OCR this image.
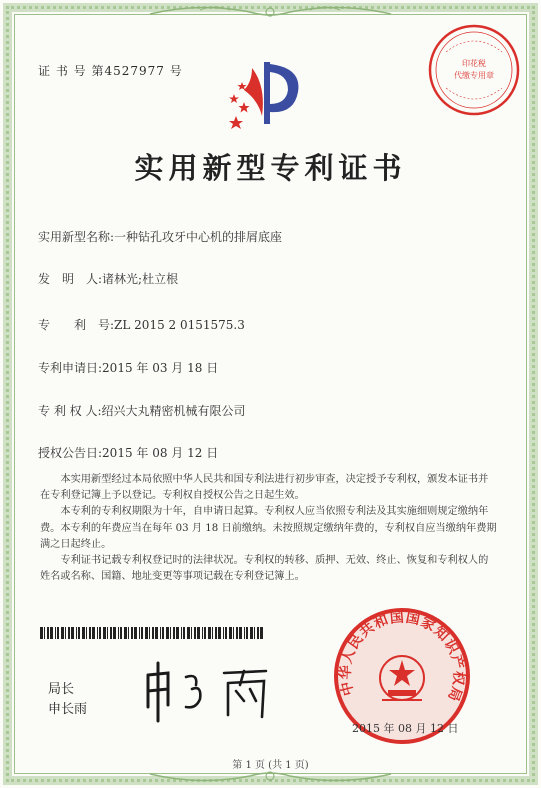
证 书 号 第4527977 号
印花税
代缴专用章
实用新型专利证书
实用新型名称:一种钻孔攻牙中心机的排屑底座
发　明　人:诸林光;杜立根
专　　利　号:ZL 2015 2 0151575.3
专利申请日:2015 年 03 月 18 日
专 利 权 人:绍兴大丸精密机械有限公司
授权公告日:2015 年 08 月 12 日

本实用新型经过本局依照中华人民共和国专利法进行初步审查，决定授予专利权，颁发本证书并在专利登记簿上予以登记。专利权自授权公告之日起生效。

本专利的专利权期限为十年，自申请日起算。专利权人应当依照专利法及其实施细则规定缴纳年费。本专利的年费应当在每年 03 月 18 日前缴纳。未按照规定缴纳年费的，专利权自应当缴纳年费期满之日起终止。

专利证书记载专利权登记时的法律状况。专利权的转移、质押、无效、终止、恢复和专利权人的姓名或名称、国籍、地址变更等事项记载在专利登记簿上。

局长
申长雨
中华人民共和国国家知识产权局
2015 年 08 月 12 日
第 1 页 (共 1 页)
